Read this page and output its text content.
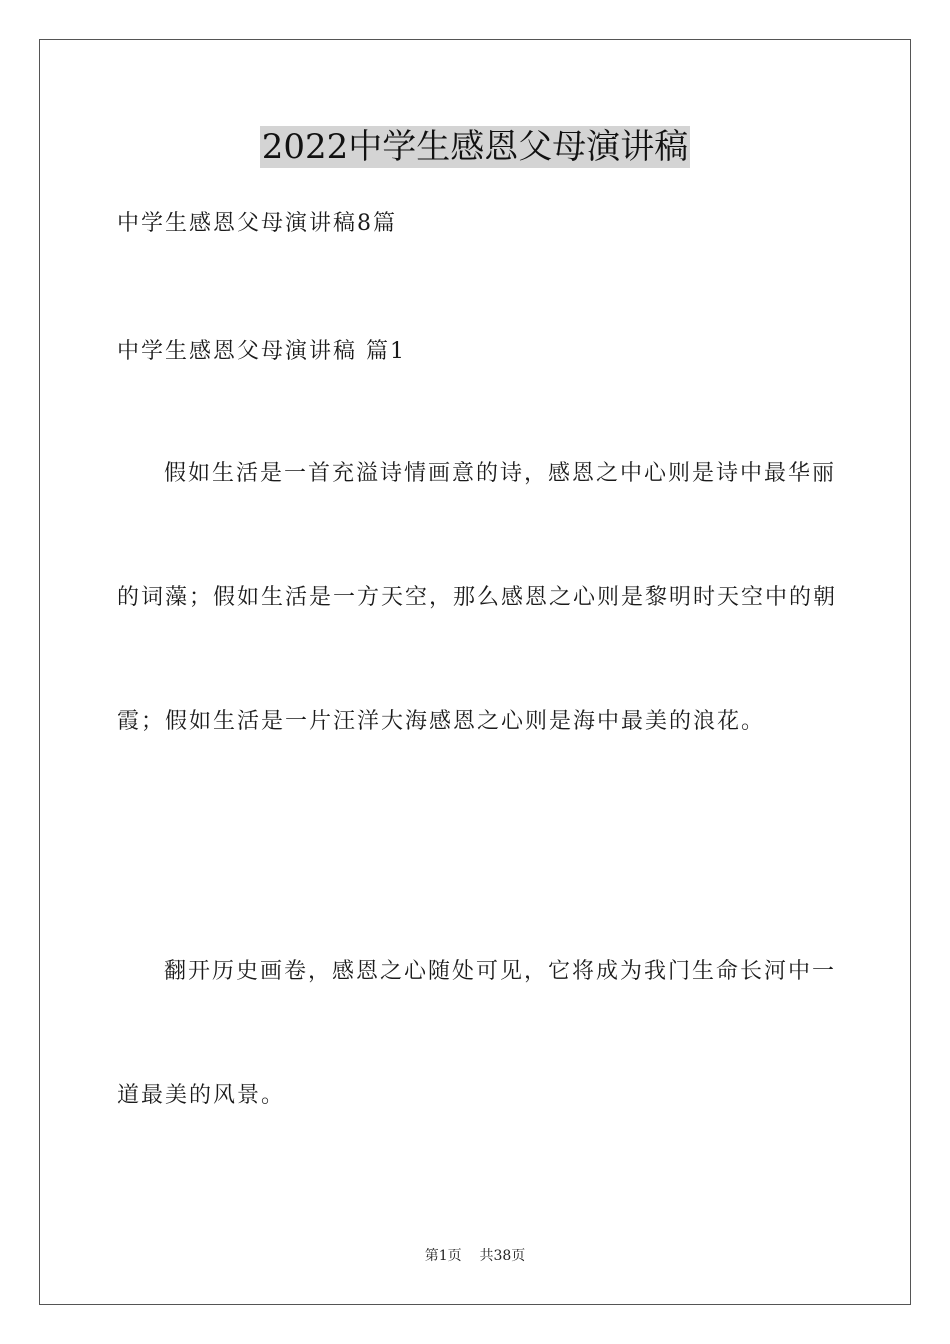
2022中学生感恩父母演讲稿
中学生感恩父母演讲稿8篇
中学生感恩父母演讲稿 篇1
假如生活是一首充溢诗情画意的诗，感恩之中心则是诗中最华丽
的词藻；假如生活是一方天空，那么感恩之心则是黎明时天空中的朝
霞；假如生活是一片汪洋大海感恩之心则是海中最美的浪花。
翻开历史画卷，感恩之心随处可见，它将成为我门生命长河中一
道最美的风景。
第1页 共38页
